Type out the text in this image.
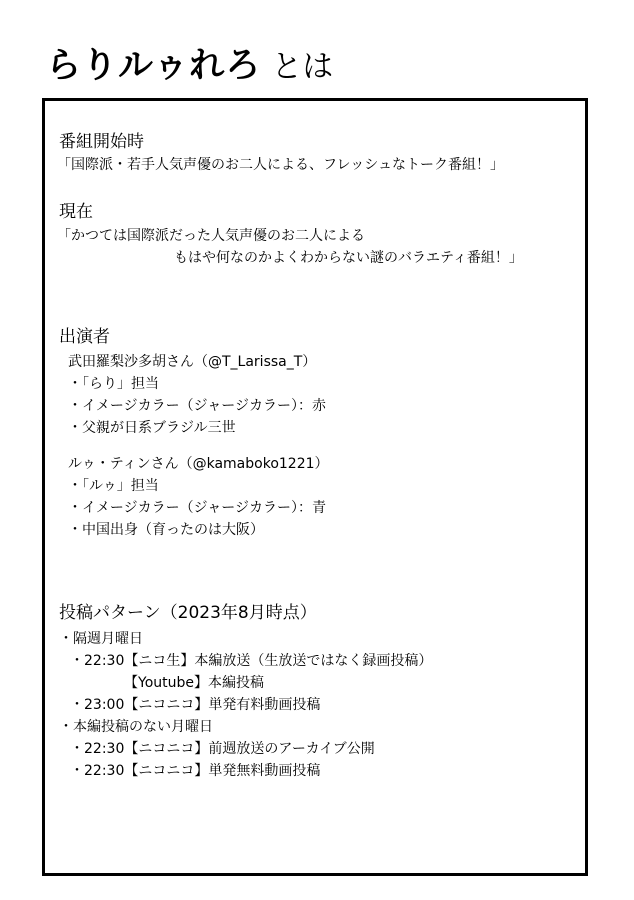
らりルゥれろ とは
番組開始時
「国際派・若手人気声優のお二人による、フレッシュなトーク番組！」
現在
「かつては国際派だった人気声優のお二人による
もはや何なのかよくわからない謎のバラエティ番組！」
出演者
武田羅梨沙多胡さん（@T_Larissa_T）
・「らり」担当
・イメージカラー（ジャージカラー）：赤
・父親が日系ブラジル三世
ルゥ・ティンさん（@kamaboko1221）
・「ルゥ」担当
・イメージカラー（ジャージカラー）：青
・中国出身（育ったのは大阪）
投稿パターン（2023年8月時点）
・隔週月曜日
・22:30【ニコ生】本編放送（生放送ではなく録画投稿）
【Youtube】本編投稿
・23:00【ニコニコ】単発有料動画投稿
・本編投稿のない月曜日
・22:30【ニコニコ】前週放送のアーカイブ公開
・22:30【ニコニコ】単発無料動画投稿
